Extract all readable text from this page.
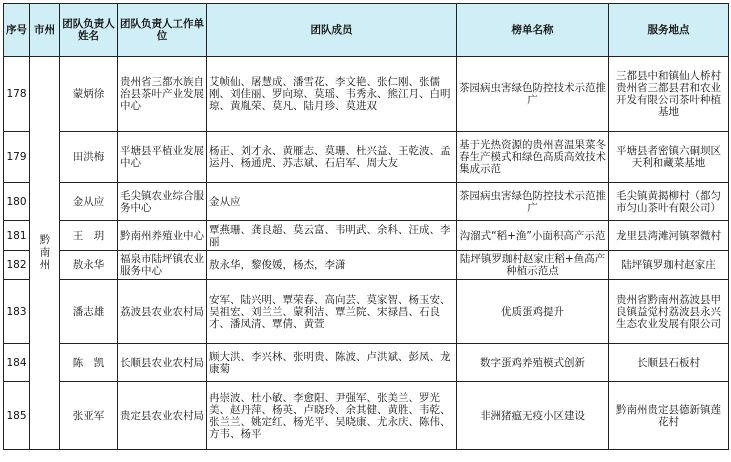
序号	市州	团队负责人姓名	团队负责人工作单位	团队成员	榜单名称	服务地点
178	黔南州	蒙炳徐	贵州省三都水族自治县茶叶产业发展中心	艾帧仙、屠慧成、潘雪花、李文艳、张仁刚、张儒刚、刘佳丽、罗向琼、莫瑶、韦秀永、熊江月、白明琼、黄胤荣、莫凡、陆月珍、莫进双	茶园病虫害绿色防控技术示范推广	三都县中和镇仙人桥村贵州省三都县君和农业开发有限公司茶叶种植基地
179		田洪梅	平塘县平植业发展中心	杨正、刘才永、黄雁志、莫珊、杜兴益、王乾波、孟运丹、杨通虎、苏志斌、石启军、周大友	基于光热资源的贵州喜温果菜冬春生产模式和绿色高质高效技术集成示范	平塘县者密镇六硐坝区天利和藏菜基地
180		金从应	毛尖镇农业综合服务中心	金从应	茶园病虫害绿色防控技术示范推广	毛尖镇黄揭柳村（都匀市匀山茶叶有限公司）
181		王　玥	黔南州养殖业中心	覃燕珊、龚良超、莫云富、韦明武、余科、汪成、李丽	沟溜式“稻+渔”小面积高产示范	龙里县湾滩河镇翠微村
182		敖永华	福泉市陆坪镇农业服务中心	敖永华，黎俊媛，杨杰，李潇	陆坪镇罗珈村赵家庄稻+鱼高产种植示范点	陆坪镇罗珈村赵家庄
183		潘志雄	荔波县农业农村局	安军、陆兴明、覃荣春、高向芸、莫家智、杨玉安、吴祖宏、刘兰兰、蒙利洁、覃兰院、宋禄昌、石良才、潘凤清、覃倩、黄萱	优质蛋鸡提升	贵州省黔南州荔波县甲良镇益觉村荔波县永兴生态农业发展有限公司
184		陈　凯	长顺县农业农村局	顾大洪、李兴林、张明贵、陈波、卢洪斌、彭凤、龙康菊	数字蛋鸡养殖模式创新	长顺县石板村
185		张亚军	贵定县农业农村局	冉崇波、杜小敏、李愈阳、尹强军、张美兰、罗光美、赵丹萍、杨英、卢晓玲、余其健、黄胜、韦乾、张兰兰、姚定红、杨光平、吴晓康、尤永庆、陈伟、方韦、杨平	非洲猪瘟无疫小区建设	黔南州贵定县德新镇莲花村
